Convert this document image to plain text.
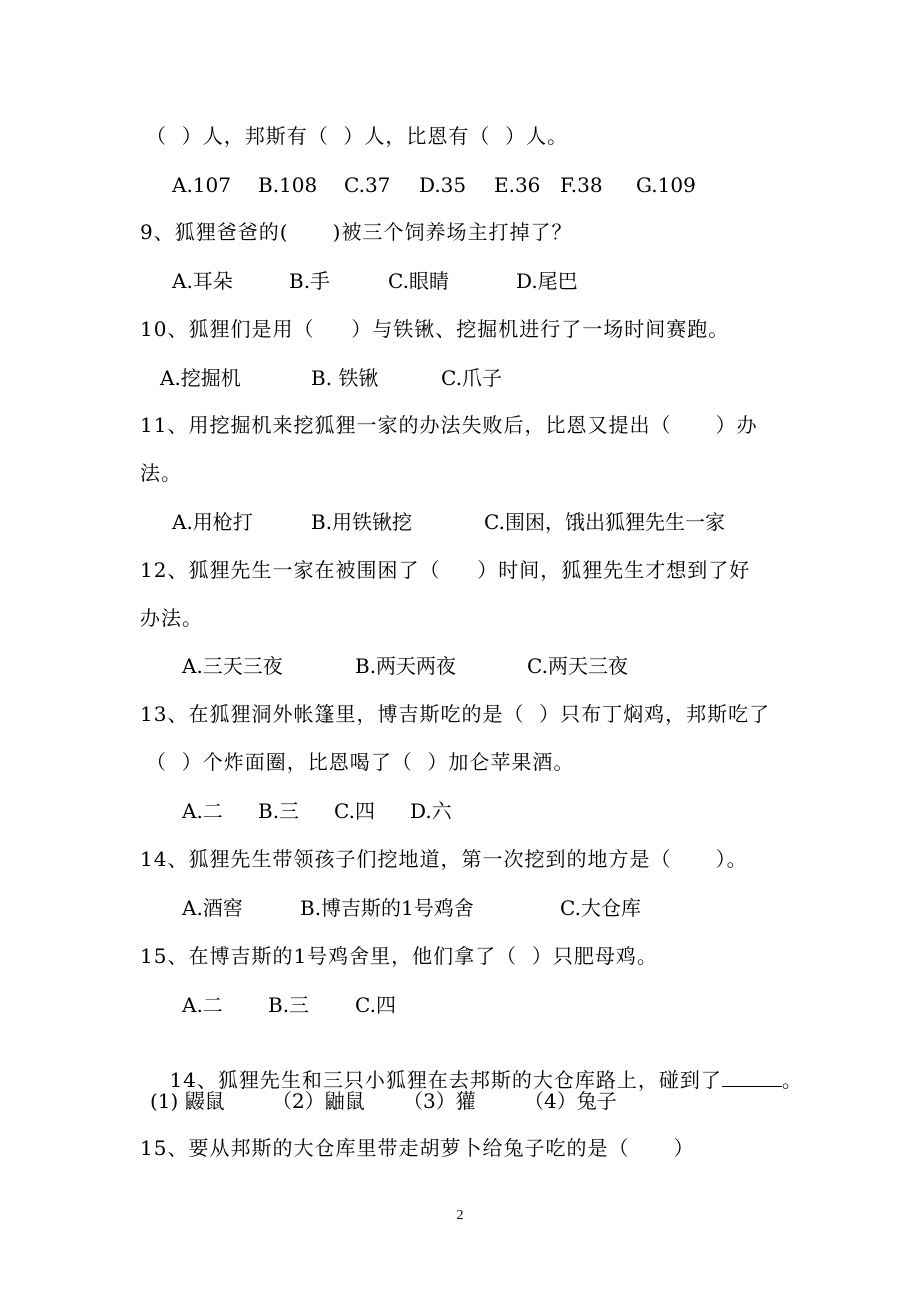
（  ）人，邦斯有（  ）人，比恩有（  ）人。
A.107 B.108 C.37 D.35 E.36 F.38 G.109
9、狐狸爸爸的(      )被三个饲养场主打掉了？
A.耳朵	B.手	C.眼睛	D.尾巴
10、狐狸们是用（     ）与铁锹、挖掘机进行了一场时间赛跑。
A.挖掘机	B. 铁锹	C.爪子
11、用挖掘机来挖狐狸一家的办法失败后，比恩又提出（      ）办
法。
A.用枪打	B.用铁锹挖	C.围困，饿出狐狸先生一家
12、狐狸先生一家在被围困了（     ）时间，狐狸先生才想到了好
办法。
A.三天三夜	B.两天两夜	C.两天三夜
13、在狐狸洞外帐篷里，博吉斯吃的是（  ）只布丁焖鸡，邦斯吃了
（  ）个炸面圈，比恩喝了（  ）加仑苹果酒。
A.二 B.三 C.四 D.六
14、狐狸先生带领孩子们挖地道，第一次挖到的地方是（      ）。
A.酒窖	B.博吉斯的1号鸡舍	C.大仓库
15、在博吉斯的1号鸡舍里，他们拿了（  ）只肥母鸡。
A.二 B.三 C.四

14、狐狸先生和三只小狐狸在去邦斯的大仓库路上，碰到了	。

(1) 鼹鼠 （2）鼬鼠 （3）獾 （4）兔子
15、要从邦斯的大仓库里带走胡萝卜给兔子吃的是（      ）
2
